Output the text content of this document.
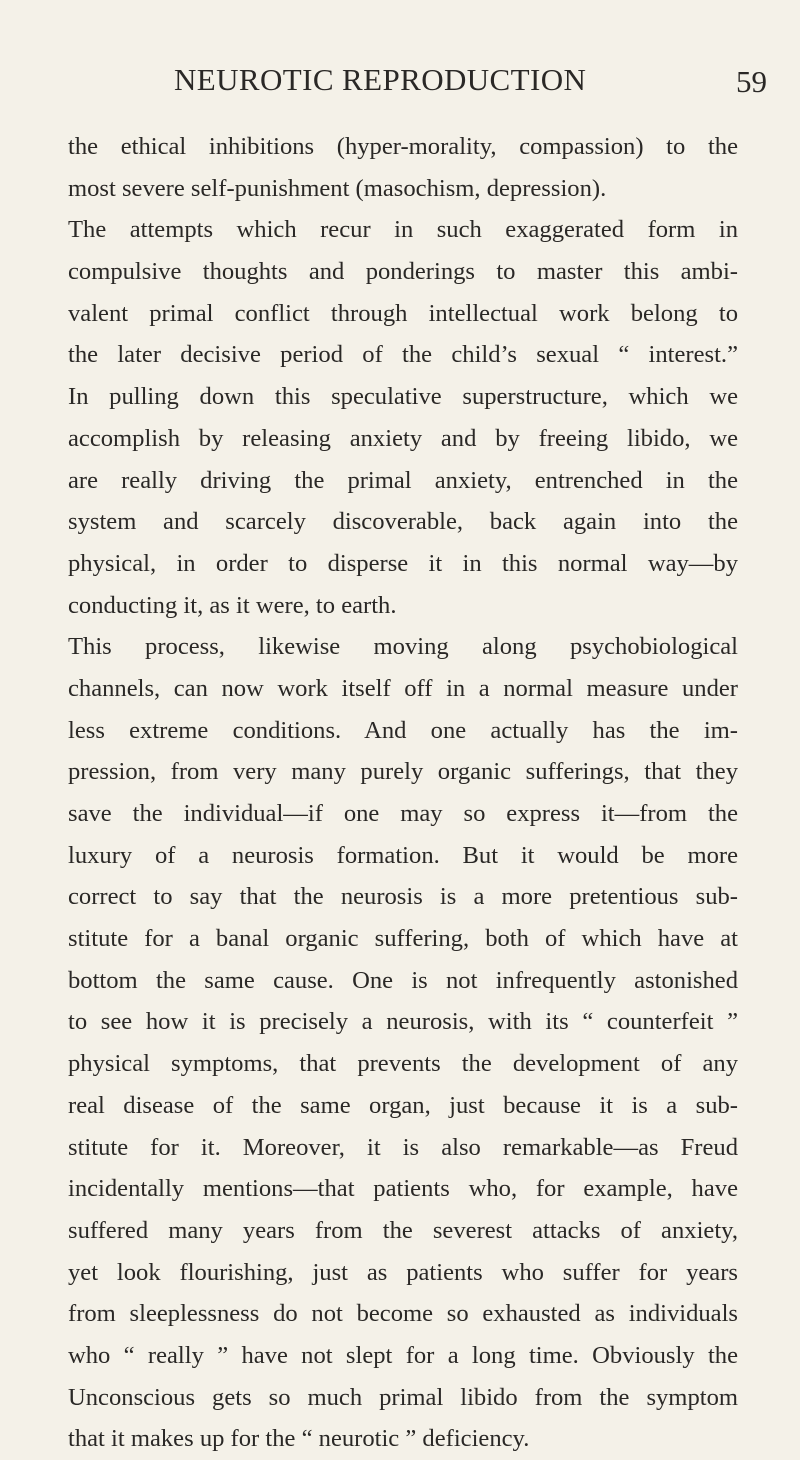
NEUROTIC REPRODUCTION	59
the ethical inhibitions (hyper-morality, compassion) to the
most severe self-punishment (masochism, depression).
The attempts which recur in such exaggerated form in
compulsive thoughts and ponderings to master this ambi-
valent primal conflict through intellectual work belong to
the later decisive period of the child’s sexual “ interest.”
In pulling down this speculative superstructure, which we
accomplish by releasing anxiety and by freeing libido, we
are really driving the primal anxiety, entrenched in the
system and scarcely discoverable, back again into the
physical, in order to disperse it in this normal way—by
conducting it, as it were, to earth.
This process, likewise moving along psychobiological
channels, can now work itself off in a normal measure under
less extreme conditions. And one actually has the im-
pression, from very many purely organic sufferings, that they
save the individual—if one may so express it—from the
luxury of a neurosis formation. But it would be more
correct to say that the neurosis is a more pretentious sub-
stitute for a banal organic suffering, both of which have at
bottom the same cause. One is not infrequently astonished
to see how it is precisely a neurosis, with its “ counterfeit ”
physical symptoms, that prevents the development of any
real disease of the same organ, just because it is a sub-
stitute for it. Moreover, it is also remarkable—as Freud
incidentally mentions—that patients who, for example, have
suffered many years from the severest attacks of anxiety,
yet look flourishing, just as patients who suffer for years
from sleeplessness do not become so exhausted as individuals
who “ really ” have not slept for a long time. Obviously the
Unconscious gets so much primal libido from the symptom
that it makes up for the “ neurotic ” deficiency.
